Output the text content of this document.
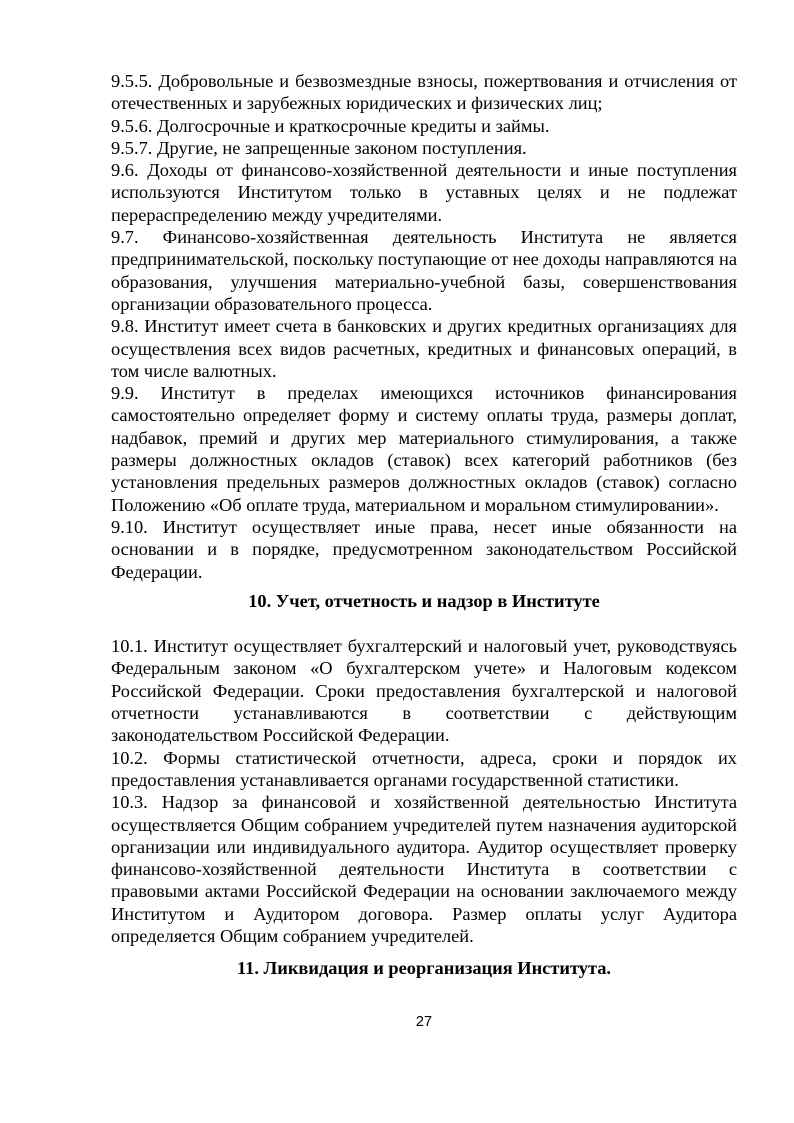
9.5.5. Добровольные и безвозмездные взносы, пожертвования и отчисления от отечественных и зарубежных юридических и физических лиц;

9.5.6. Долгосрочные и краткосрочные кредиты и займы.

9.5.7. Другие, не запрещенные законом поступления.

9.6. Доходы от финансово-хозяйственной деятельности и иные поступления используются Институтом только в уставных целях и не подлежат перераспределению между учредителями.

9.7. Финансово-хозяйственная деятельность Института не является предпринимательской, поскольку поступающие от нее доходы направляются на образования, улучшения материально-учебной базы, совершенствования организации образовательного процесса.

9.8. Институт имеет счета в банковских и других кредитных организациях для осуществления всех видов расчетных, кредитных и финансовых операций, в том числе валютных.

9.9. Институт в пределах имеющихся источников финансирования самостоятельно определяет форму и систему оплаты труда, размеры доплат, надбавок, премий и других мер материального стимулирования, а также размеры должностных окладов (ставок) всех категорий работников (без установления предельных размеров должностных окладов (ставок) согласно Положению «Об оплате труда, материальном и моральном стимулировании».

9.10. Институт осуществляет иные права, несет иные обязанности на основании и в порядке, предусмотренном законодательством Российской Федерации.

10. Учет, отчетность и надзор в Институте

10.1. Институт осуществляет бухгалтерский и налоговый учет, руководствуясь Федеральным законом «О бухгалтерском учете» и Налоговым кодексом Российской Федерации. Сроки предоставления бухгалтерской и налоговой отчетности устанавливаются в соответствии с действующим законодательством Российской Федерации.

10.2. Формы статистической отчетности, адреса, сроки и порядок их предоставления устанавливается органами государственной статистики.

10.3. Надзор за финансовой и хозяйственной деятельностью Института осуществляется Общим собранием учредителей путем назначения аудиторской организации или индивидуального аудитора. Аудитор осуществляет проверку финансово-хозяйственной деятельности Института в соответствии с правовыми актами Российской Федерации на основании заключаемого между Институтом и Аудитором договора. Размер оплаты услуг Аудитора определяется Общим собранием учредителей.

11. Ликвидация и реорганизация Института.
27
